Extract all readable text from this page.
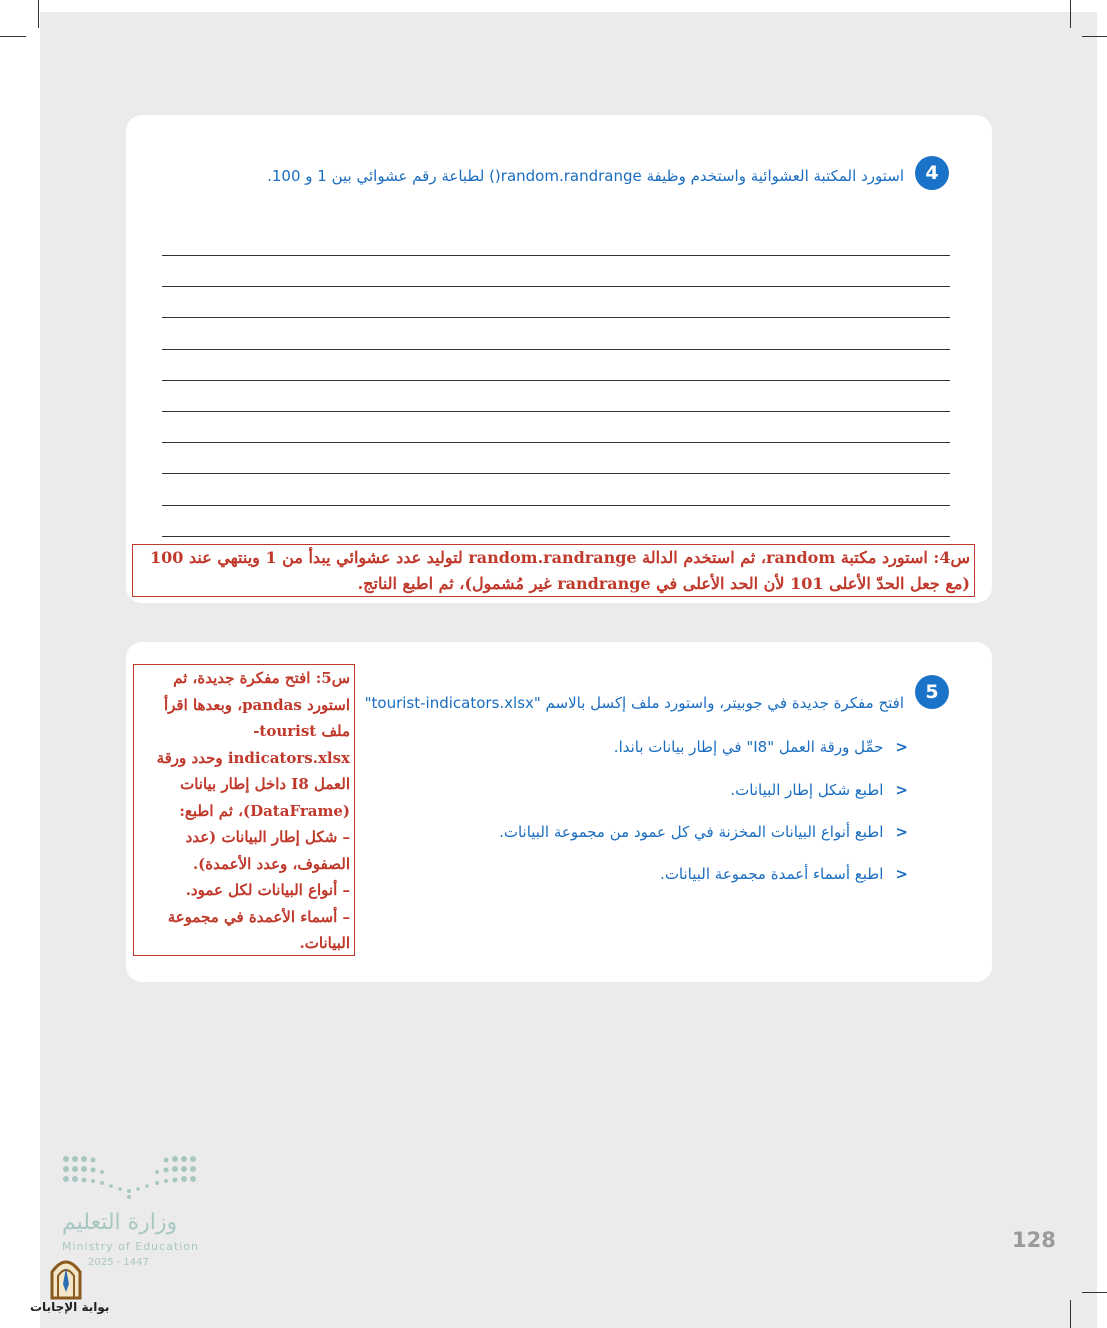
4
استورد المكتبة العشوائية واستخدم وظيفة random.randrange() لطباعة رقم عشوائي بين 1 و 100.
س4: استورد مكتبة random، ثم استخدم الدالة random.randrange لتوليد عدد عشوائي يبدأ من 1 وينتهي عند 100
(مع جعل الحدّ الأعلى 101 لأن الحد الأعلى في randrange غير مُشمول)، ثم اطبع الناتج.
5
افتح مفكرة جديدة في جوبيتر، واستورد ملف إكسل بالاسم "tourist-indicators.xlsx"
<حمِّل ورقة العمل "I8" في إطار بيانات باندا.
<اطبع شكل إطار البيانات.
<اطبع أنواع البيانات المخزنة في كل عمود من مجموعة البيانات.
<اطبع أسماء أعمدة مجموعة البيانات.
س5: افتح مفكرة جديدة، ثم
استورد pandas، وبعدها اقرأ
ملف tourist-
indicators.xlsx وحدد ورقة
العمل I8 داخل إطار بيانات
(DataFrame)، ثم اطبع:
– شكل إطار البيانات (عدد
الصفوف، وعدد الأعمدة).
– أنواع البيانات لكل عمود.
– أسماء الأعمدة في مجموعة
البيانات.
وزارة التعليم
Ministry of Education
2025 - 1447
128
بوابة الإجابات
